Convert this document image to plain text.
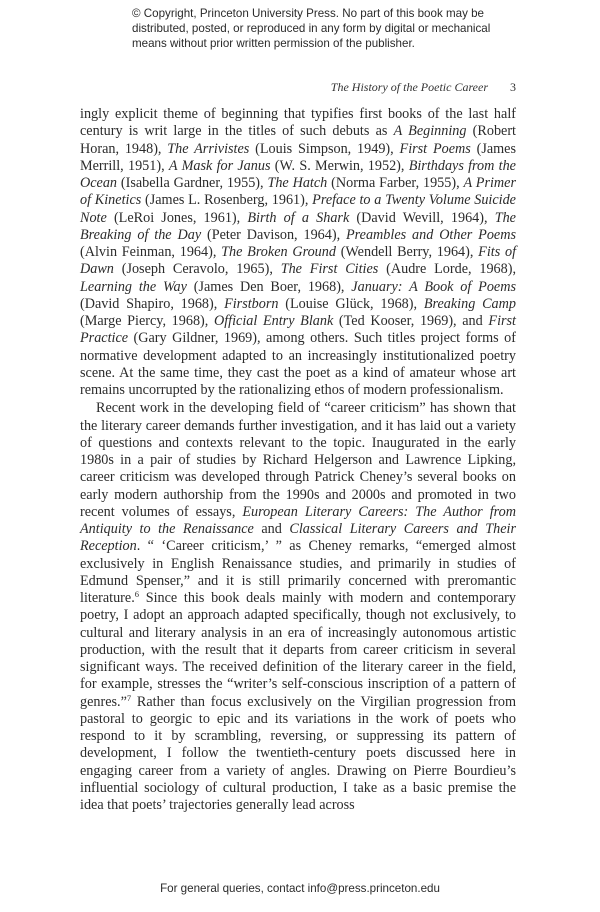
© Copyright, Princeton University Press. No part of this book may be distributed, posted, or reproduced in any form by digital or mechanical means without prior written permission of the publisher.
The History of the Poetic Career 3

ingly explicit theme of beginning that typifies first books of the last half century is writ large in the titles of such debuts as A Beginning (Robert Horan, 1948), The Arrivistes (Louis Simpson, 1949), First Poems (James Merrill, 1951), A Mask for Janus (W. S. Merwin, 1952), Birthdays from the Ocean (Isabella Gardner, 1955), The Hatch (Norma Farber, 1955), A Primer of Kinetics (James L. Rosenberg, 1961), Preface to a Twenty Volume Suicide Note (LeRoi Jones, 1961), Birth of a Shark (David Wevill, 1964), The Breaking of the Day (Peter Davison, 1964), Preambles and Other Poems (Alvin Feinman, 1964), The Broken Ground (Wendell Berry, 1964), Fits of Dawn (Joseph Ceravolo, 1965), The First Cities (Audre Lorde, 1968), Learning the Way (James Den Boer, 1968), January: A Book of Poems (David Shapiro, 1968), Firstborn (Louise Glück, 1968), Breaking Camp (Marge Piercy, 1968), Official Entry Blank (Ted Kooser, 1969), and First Practice (Gary Gildner, 1969), among others. Such titles project forms of normative development adapted to an increasingly institutionalized poetry scene. At the same time, they cast the poet as a kind of amateur whose art remains uncorrupted by the rationalizing ethos of modern professionalism.

Recent work in the developing field of “career criticism” has shown that the literary career demands further investigation, and it has laid out a variety of questions and contexts relevant to the topic. Inaugurated in the early 1980s in a pair of studies by Richard Helgerson and Lawrence Lipking, career criticism was developed through Patrick Cheney’s several books on early modern authorship from the 1990s and 2000s and promoted in two recent volumes of essays, European Literary Careers: The Author from Antiquity to the Renaissance and Classical Literary Careers and Their Reception. “ ‘Career criticism,’ ” as Cheney remarks, “emerged almost exclusively in English Renaissance studies, and primarily in studies of Edmund Spenser,” and it is still primarily concerned with preromantic literature.$^6$ Since this book deals mainly with modern and contemporary poetry, I adopt an approach adapted specifically, though not exclusively, to cultural and literary analysis in an era of increasingly autonomous artistic production, with the result that it departs from career criticism in several significant ways. The received definition of the literary career in the field, for example, stresses the “writer’s self-conscious inscription of a pattern of genres.”$^7$ Rather than focus exclusively on the Virgilian progression from pastoral to georgic to epic and its variations in the work of poets who respond to it by scrambling, reversing, or suppressing its pattern of development, I follow the twentieth-century poets discussed here in engaging career from a variety of angles. Drawing on Pierre Bourdieu’s influential sociology of cultural production, I take as a basic premise the idea that poets’ trajectories generally lead across

For general queries, contact info@press.princeton.edu
